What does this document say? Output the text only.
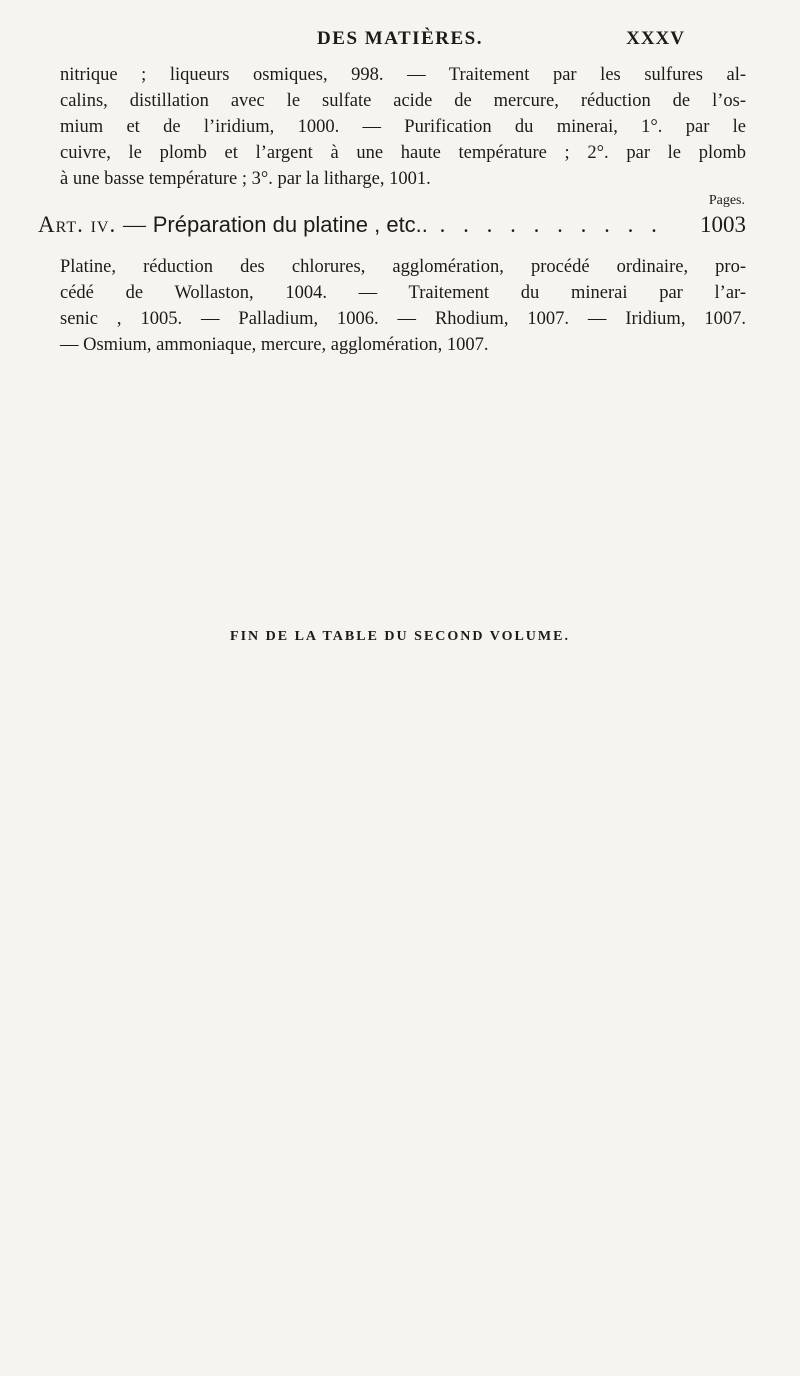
DES MATIÈRES.	XXXV
nitrique ; liqueurs osmiques, 998. — Traitement par les sulfures al-
calins, distillation avec le sulfate acide de mercure, réduction de l’os-
mium et de l’iridium, 1000. — Purification du minerai, 1°. par le
cuivre, le plomb et l’argent à une haute température ; 2°. par le plomb
à une basse température ; 3°. par la litharge, 1001.
Pages.
Art. iv. — Préparation du platine , etc.. . . . . . . . . . . 1003
Platine, réduction des chlorures, agglomération, procédé ordinaire, pro-
cédé de Wollaston, 1004. — Traitement du minerai par l’ar-
senic , 1005. — Palladium, 1006. — Rhodium, 1007. — Iridium, 1007.
— Osmium, ammoniaque, mercure, agglomération, 1007.
FIN DE LA TABLE DU SECOND VOLUME.
